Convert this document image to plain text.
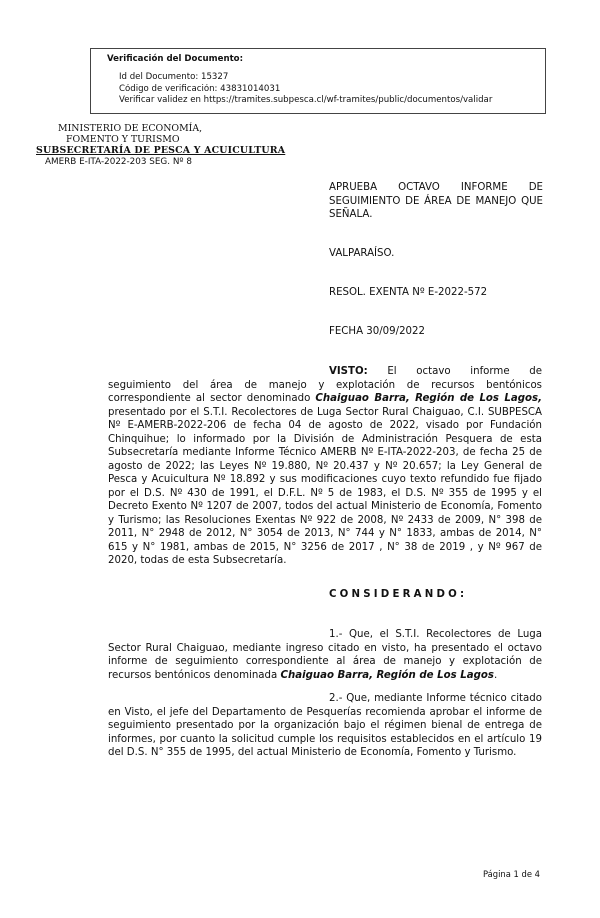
Verificación del Documento:
Id del Documento: 15327
Código de verificación: 43831014031
Verificar validez en https://tramites.subpesca.cl/wf-tramites/public/documentos/validar
MINISTERIO DE ECONOMÍA,
FOMENTO Y TURISMO
SUBSECRETARÍA DE PESCA Y ACUICULTURA
AMERB E-ITA-2022-203 SEG. Nº 8
APRUEBA OCTAVO INFORME DE SEGUIMIENTO DE ÁREA DE MANEJO QUE SEÑALA.
VALPARAÍSO.
RESOL. EXENTA Nº E-2022-572
FECHA 30/09/2022
VISTO: El octavo informe de seguimiento del área de manejo y explotación de recursos bentónicos correspondiente al sector denominado Chaiguao Barra, Región de Los Lagos, presentado por el S.T.I. Recolectores de Luga Sector Rural Chaiguao, C.I. SUBPESCA Nº E-AMERB-2022-206 de fecha 04 de agosto de 2022, visado por Fundación Chinquihue; lo informado por la División de Administración Pesquera de esta Subsecretaría mediante Informe Técnico AMERB Nº E-ITA-2022-203, de fecha 25 de agosto de 2022; las Leyes Nº 19.880, Nº 20.437 y Nº 20.657; la Ley General de Pesca y Acuicultura Nº 18.892 y sus modificaciones cuyo texto refundido fue fijado por el D.S. Nº 430 de 1991, el D.F.L. Nº 5 de 1983, el D.S. Nº 355 de 1995 y el Decreto Exento Nº 1207 de 2007, todos del actual Ministerio de Economía, Fomento y Turismo; las Resoluciones Exentas Nº 922 de 2008, Nº 2433 de 2009, N° 398 de 2011, N° 2948 de 2012, N° 3054 de 2013, N° 744 y N° 1833, ambas de 2014, N° 615 y N° 1981, ambas de 2015, N° 3256 de 2017 , N° 38 de 2019 , y Nº 967 de 2020, todas de esta Subsecretaría.
CONSIDERANDO:
1.- Que, el S.T.I. Recolectores de Luga Sector Rural Chaiguao, mediante ingreso citado en visto, ha presentado el octavo informe de seguimiento correspondiente al área de manejo y explotación de recursos bentónicos denominada Chaiguao Barra, Región de Los Lagos.
2.- Que, mediante Informe técnico citado en Visto, el jefe del Departamento de Pesquerías recomienda aprobar el informe de seguimiento presentado por la organización bajo el régimen bienal de entrega de informes, por cuanto la solicitud cumple los requisitos establecidos en el artículo 19 del D.S. N° 355 de 1995, del actual Ministerio de Economía, Fomento y Turismo.
Página 1 de 4
